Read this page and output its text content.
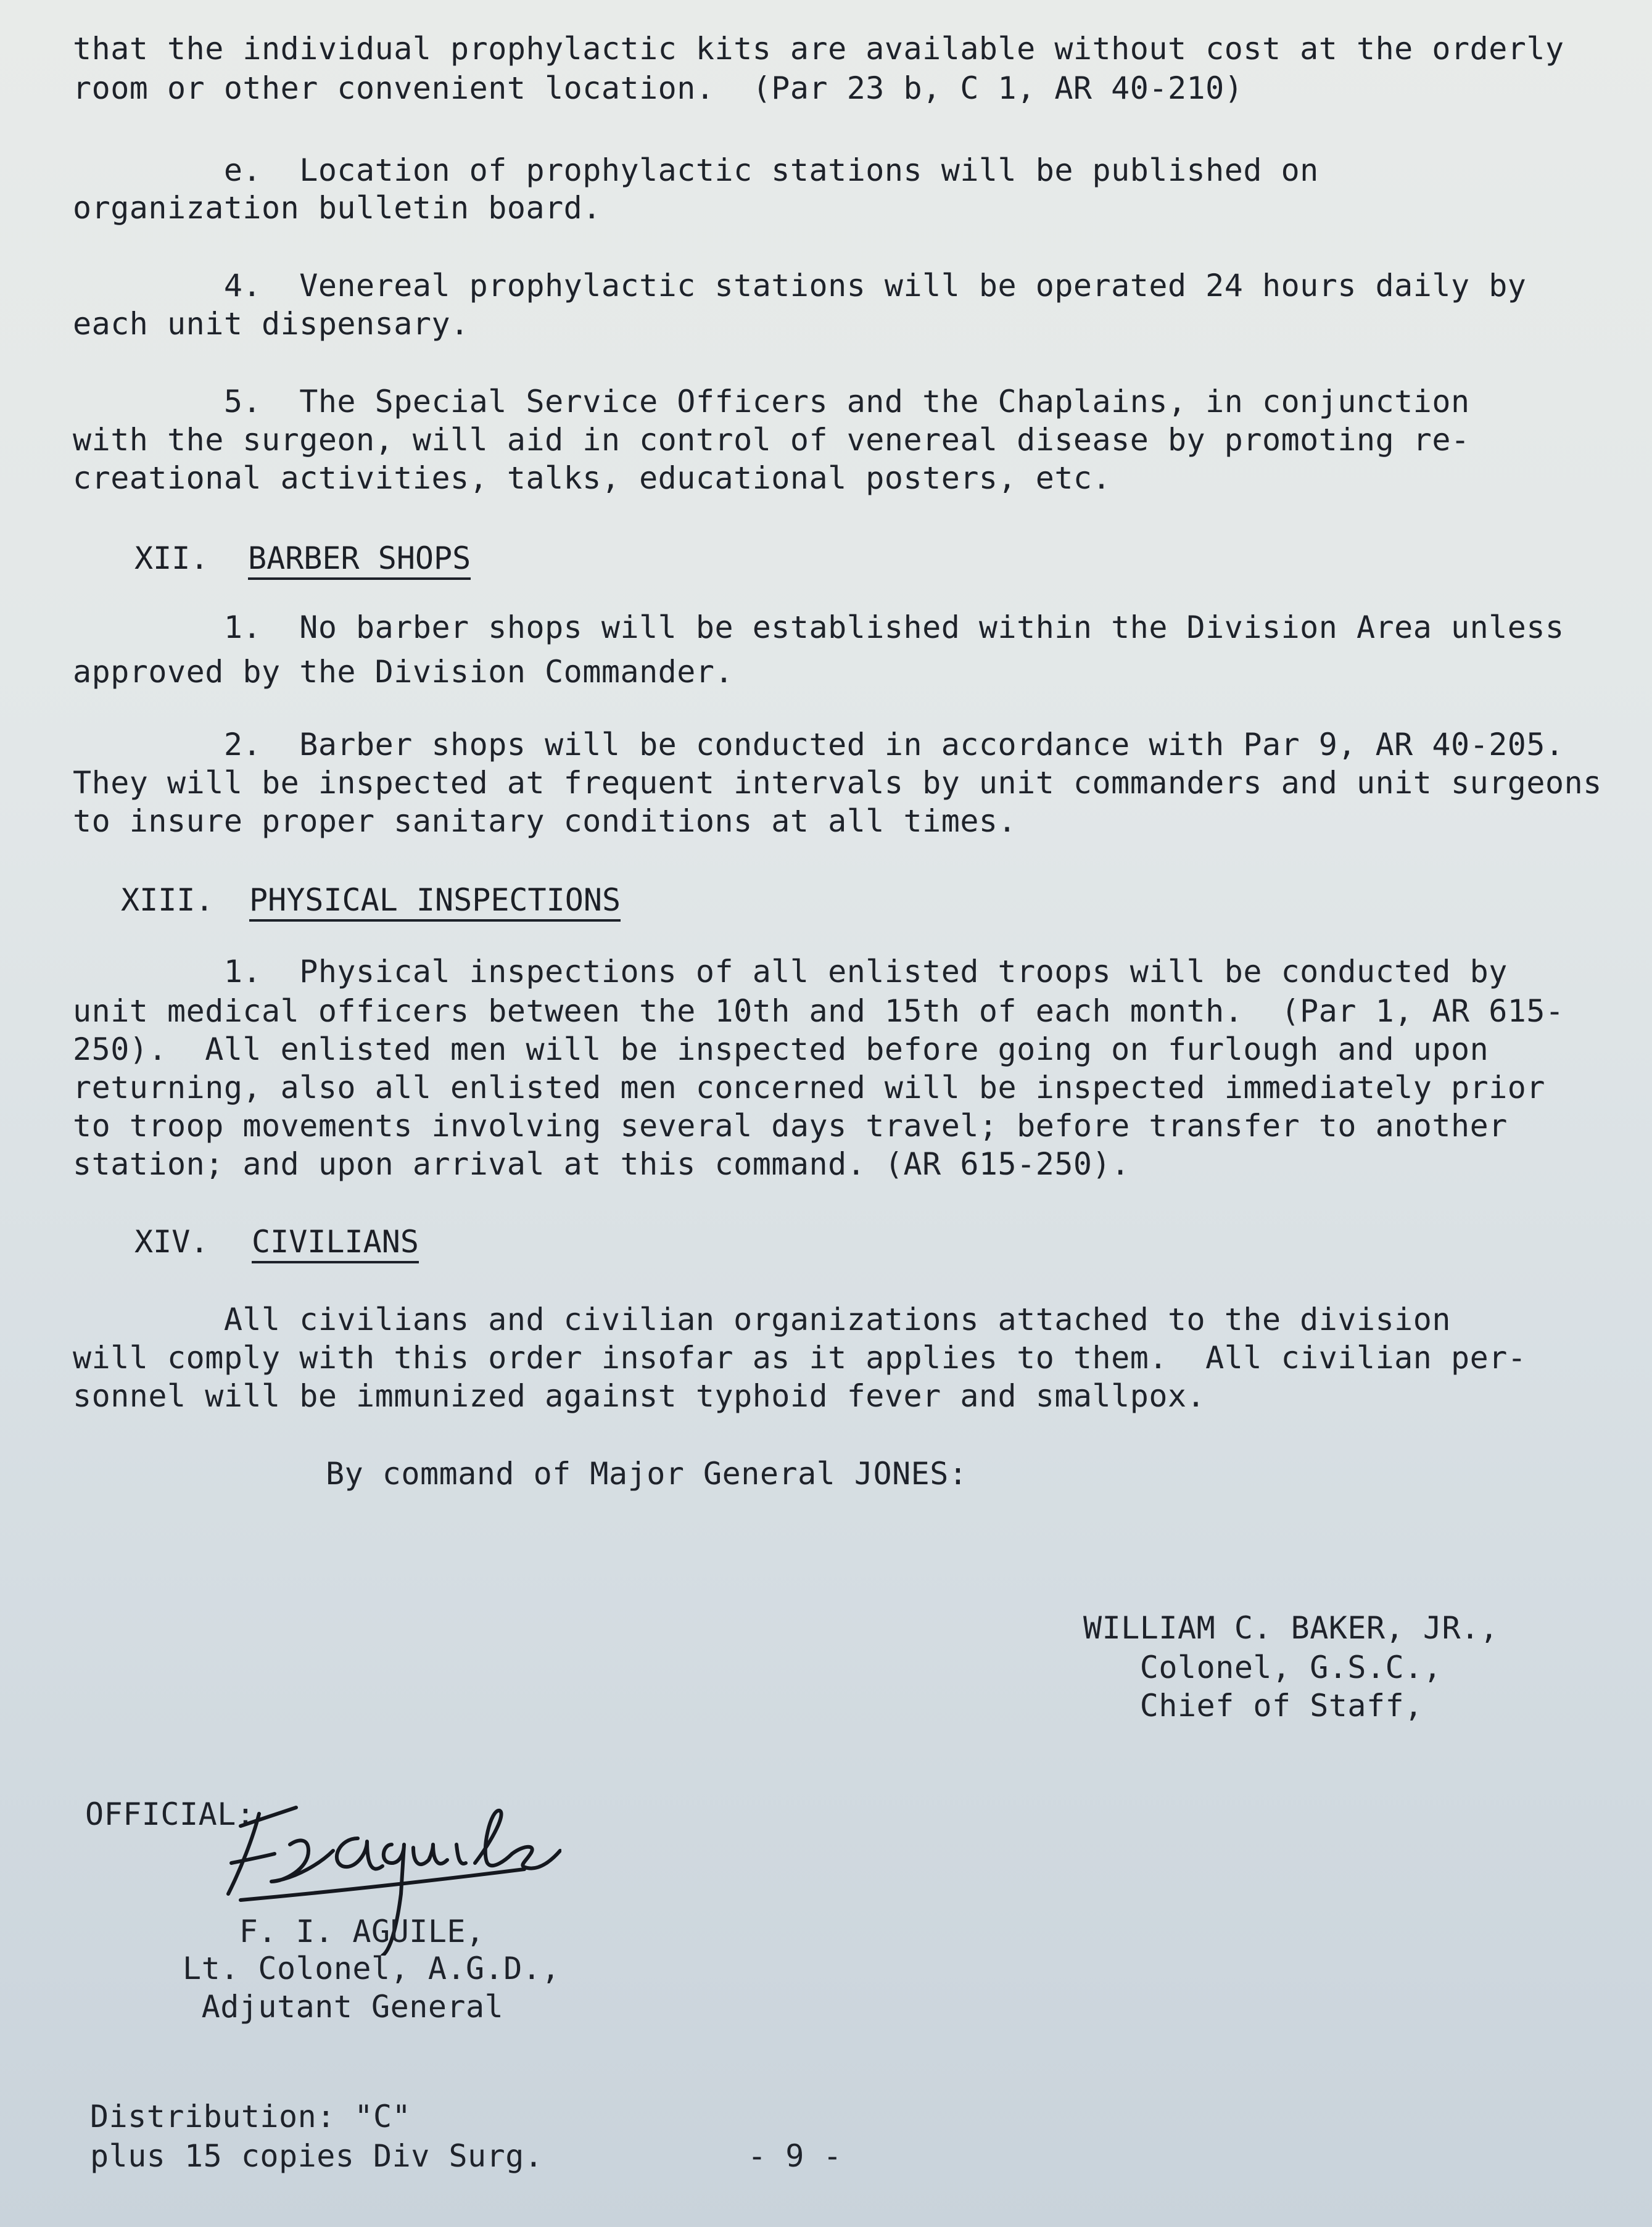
that the individual prophylactic kits are available without cost at the orderly
room or other convenient location.  (Par 23 b, C 1, AR 40-210)
e.  Location of prophylactic stations will be published on
organization bulletin board.
4.  Venereal prophylactic stations will be operated 24 hours daily by
each unit dispensary.
5.  The Special Service Officers and the Chaplains, in conjunction
with the surgeon, will aid in control of venereal disease by promoting re-
creational activities, talks, educational posters, etc.
XII. BARBER SHOPS
1.  No barber shops will be established within the Division Area unless
approved by the Division Commander.
2.  Barber shops will be conducted in accordance with Par 9, AR 40-205.
They will be inspected at frequent intervals by unit commanders and unit surgeons
to insure proper sanitary conditions at all times.
XIII. PHYSICAL INSPECTIONS
1.  Physical inspections of all enlisted troops will be conducted by
unit medical officers between the 10th and 15th of each month.  (Par 1, AR 615-
250).  All enlisted men will be inspected before going on furlough and upon
returning, also all enlisted men concerned will be inspected immediately prior
to troop movements involving several days travel; before transfer to another
station; and upon arrival at this command. (AR 615-250).
XIV. CIVILIANS
All civilians and civilian organizations attached to the division
will comply with this order insofar as it applies to them.  All civilian per-
sonnel will be immunized against typhoid fever and smallpox.
By command of Major General JONES:
WILLIAM C. BAKER, JR.,
Colonel, G.S.C.,
Chief of Staff,
OFFICIAL:
F. I. AGUILE,
Lt. Colonel, A.G.D.,
Adjutant General
Distribution: "C"
plus 15 copies Div Surg.	- 9 -
